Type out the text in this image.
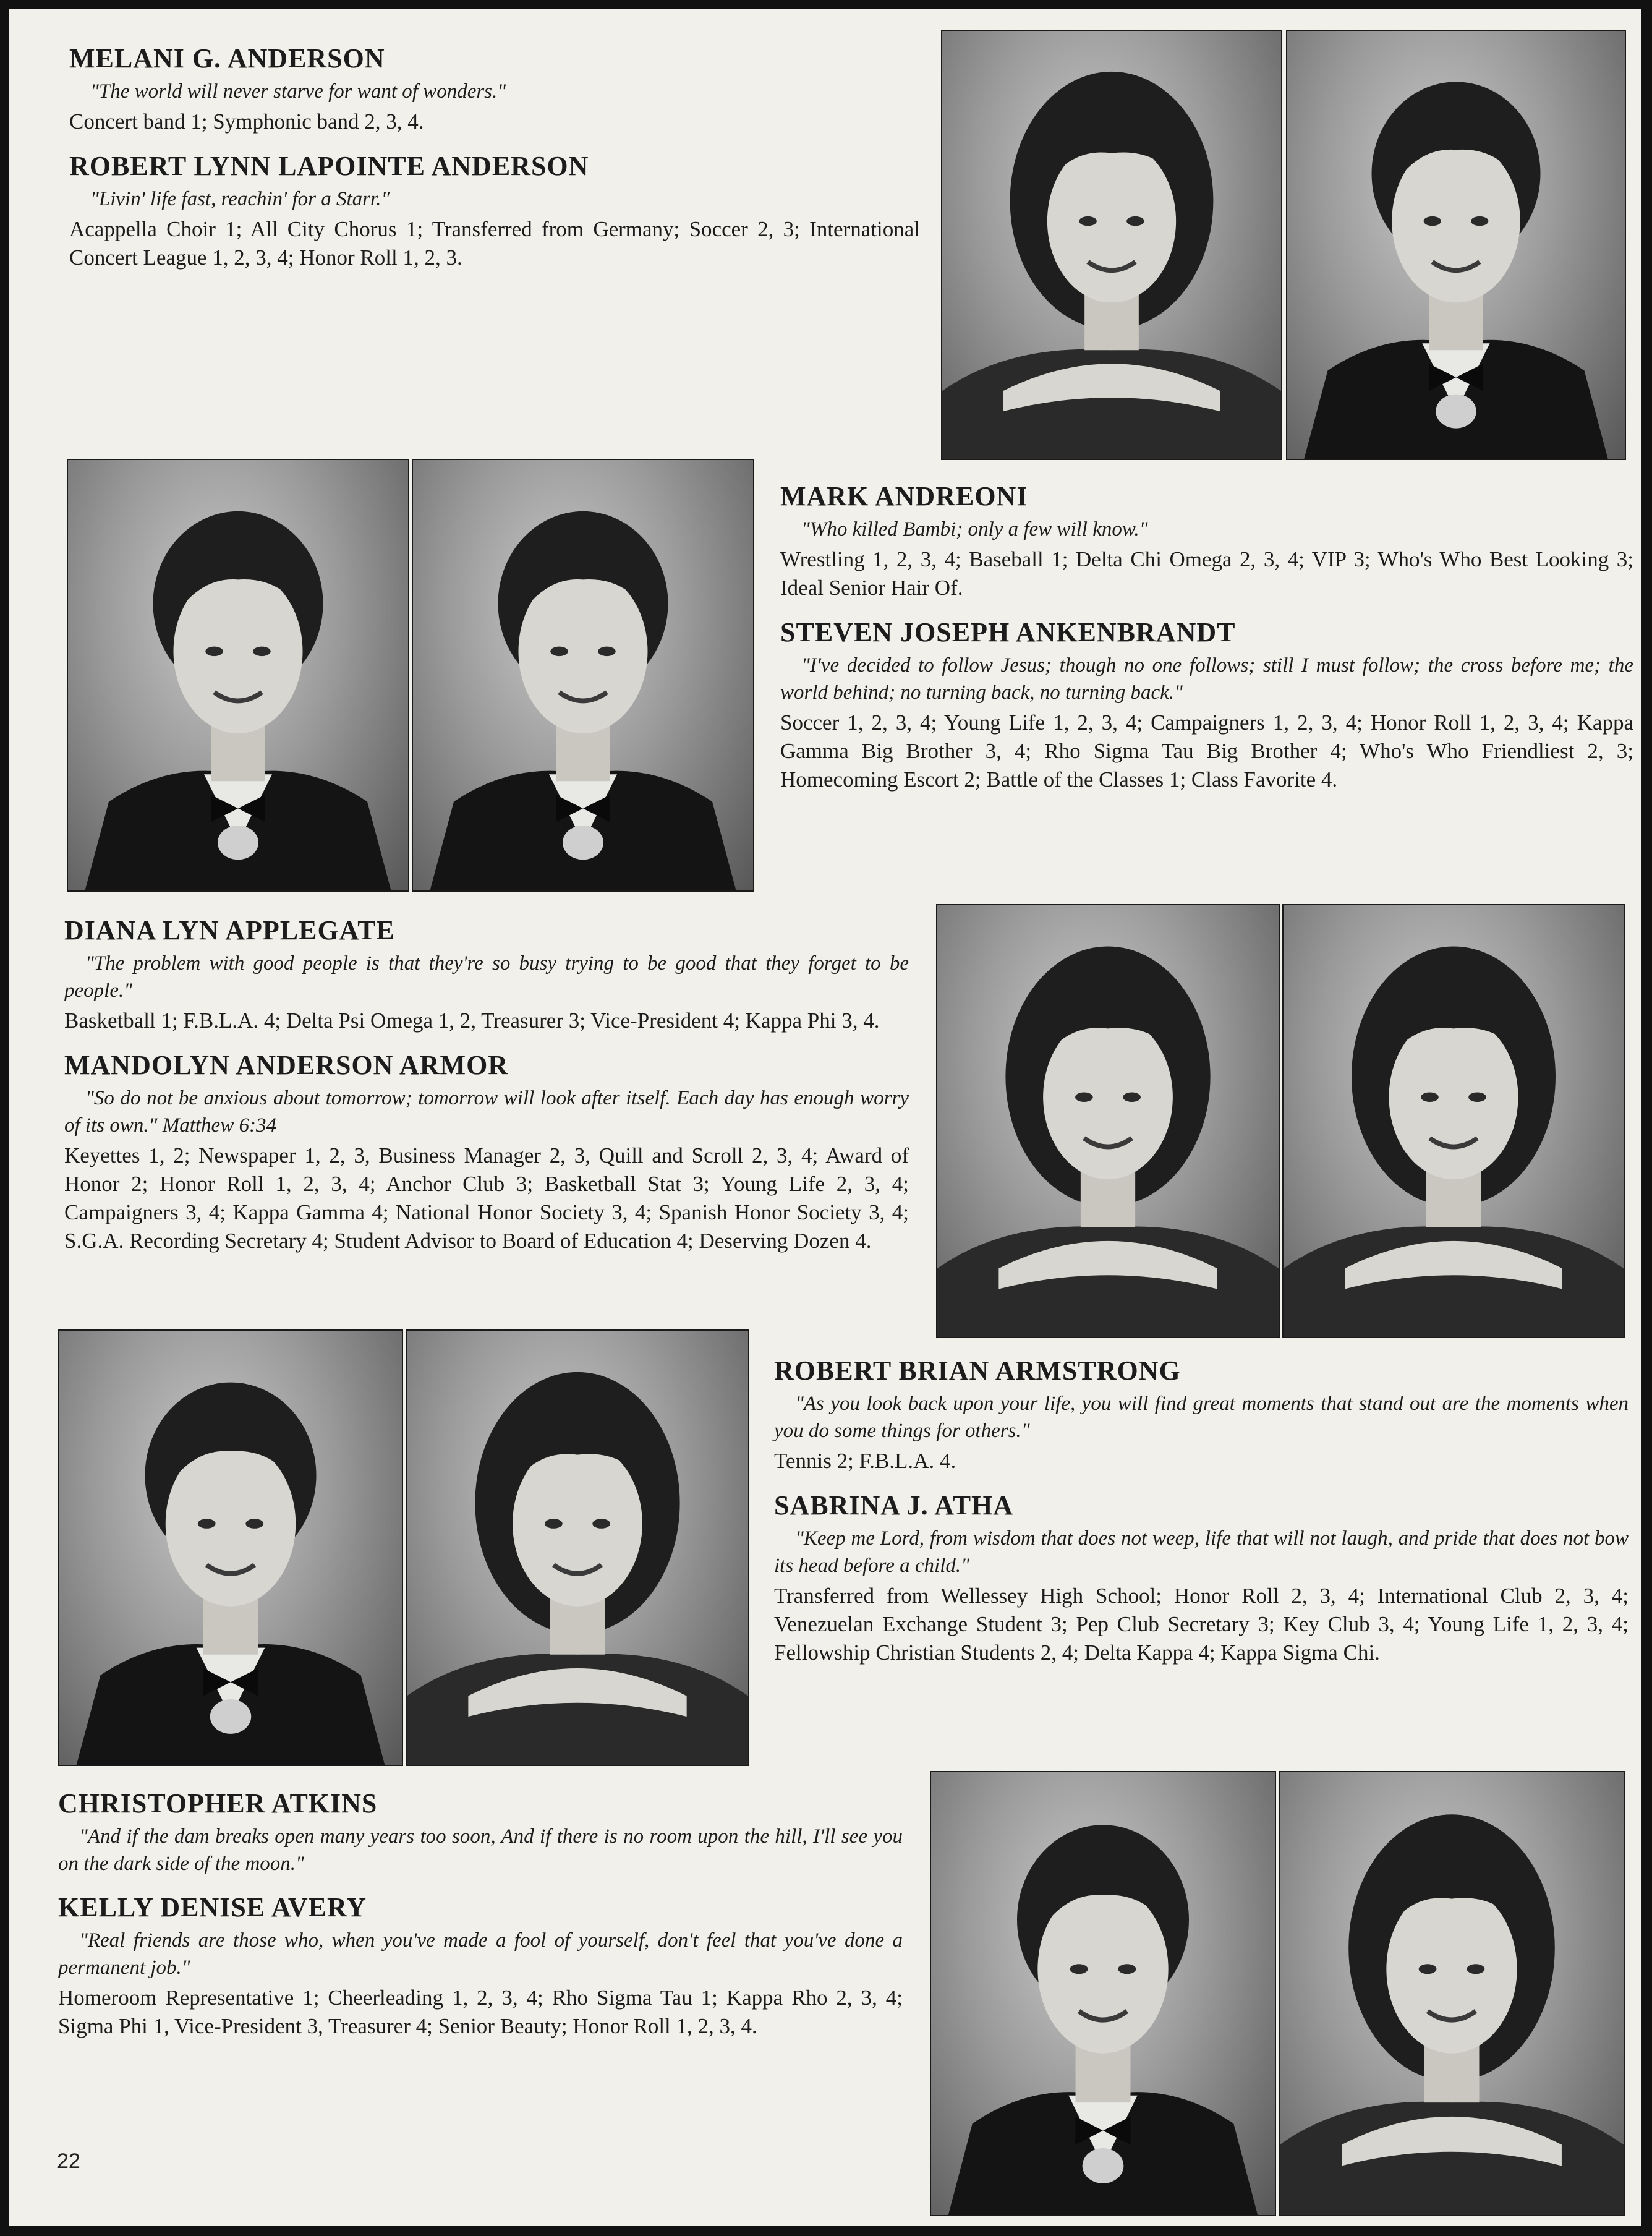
MELANI G. ANDERSON

"The world will never starve for want of wonders."

Concert band 1; Symphonic band 2, 3, 4.

ROBERT LYNN LAPOINTE ANDERSON

"Livin' life fast, reachin' for a Starr."

Acappella Choir 1; All City Chorus 1; Transferred from Germany; Soccer 2, 3; International Concert League 1, 2, 3, 4; Honor Roll 1, 2, 3.

MARK ANDREONI

"Who killed Bambi; only a few will know."

Wrestling 1, 2, 3, 4; Baseball 1; Delta Chi Omega 2, 3, 4; VIP 3; Who's Who Best Looking 3; Ideal Senior Hair Of.

STEVEN JOSEPH ANKENBRANDT

"I've decided to follow Jesus; though no one follows; still I must follow; the cross before me; the world behind; no turning back, no turning back."

Soccer 1, 2, 3, 4; Young Life 1, 2, 3, 4; Campaigners 1, 2, 3, 4; Honor Roll 1, 2, 3, 4; Kappa Gamma Big Brother 3, 4; Rho Sigma Tau Big Brother 4; Who's Who Friendliest 2, 3; Homecoming Escort 2; Battle of the Classes 1; Class Favorite 4.

DIANA LYN APPLEGATE

"The problem with good people is that they're so busy trying to be good that they forget to be people."

Basketball 1; F.B.L.A. 4; Delta Psi Omega 1, 2, Treasurer 3; Vice-President 4; Kappa Phi 3, 4.

MANDOLYN ANDERSON ARMOR

"So do not be anxious about tomorrow; tomorrow will look after itself. Each day has enough worry of its own." Matthew 6:34

Keyettes 1, 2; Newspaper 1, 2, 3, Business Manager 2, 3, Quill and Scroll 2, 3, 4; Award of Honor 2; Honor Roll 1, 2, 3, 4; Anchor Club 3; Basketball Stat 3; Young Life 2, 3, 4; Campaigners 3, 4; Kappa Gamma 4; National Honor Society 3, 4; Spanish Honor Society 3, 4; S.G.A. Recording Secretary 4; Student Advisor to Board of Education 4; Deserving Dozen 4.

ROBERT BRIAN ARMSTRONG

"As you look back upon your life, you will find great moments that stand out are the moments when you do some things for others."

Tennis 2; F.B.L.A. 4.

SABRINA J. ATHA

"Keep me Lord, from wisdom that does not weep, life that will not laugh, and pride that does not bow its head before a child."

Transferred from Wellessey High School; Honor Roll 2, 3, 4; International Club 2, 3, 4; Venezuelan Exchange Student 3; Pep Club Secretary 3; Key Club 3, 4; Young Life 1, 2, 3, 4; Fellowship Christian Students 2, 4; Delta Kappa 4; Kappa Sigma Chi.

CHRISTOPHER ATKINS

"And if the dam breaks open many years too soon, And if there is no room upon the hill, I'll see you on the dark side of the moon."

KELLY DENISE AVERY

"Real friends are those who, when you've made a fool of yourself, don't feel that you've done a permanent job."

Homeroom Representative 1; Cheerleading 1, 2, 3, 4; Rho Sigma Tau 1; Kappa Rho 2, 3, 4; Sigma Phi 1, Vice-President 3, Treasurer 4; Senior Beauty; Honor Roll 1, 2, 3, 4.

22
